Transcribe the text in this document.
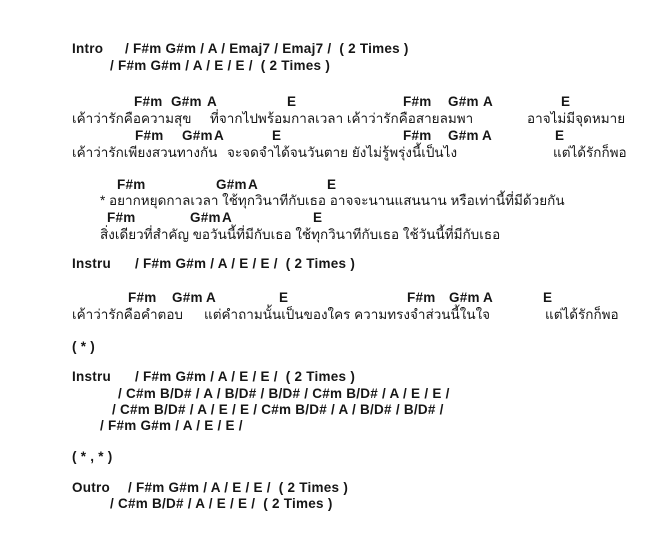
Intro / F#m G#m / A / Emaj7 / Emaj7 /  ( 2 Times )
/ F#m G#m / A / E / E /  ( 2 Times )
F#m G#m A	E	F#m G#m A	E
เค้าว่ารักคือความสุข ที่จากไปพร้อมกาลเวลา เค้าว่ารักคือสายลมพา	อาจไม่มีจุดหมาย
F#m G#m A	E	F#m G#m A	E
เค้าว่ารักเพียงสวนทางกัน จะจดจำได้จนวันตาย ยังไม่รู้พรุ่งนี้เป็นไง	แต่ได้รักก็พอ
F#m	G#m A	E
* อยากหยุดกาลเวลา ใช้ทุกวินาทีกับเธอ อาจจะนานแสนนาน หรือเท่านี้ที่มีด้วยกัน
F#m	G#m A	E
สิ่งเดียวที่สำคัญ ขอวันนี้ที่มีกับเธอ ใช้ทุกวินาทีกับเธอ ใช้วันนี้ที่มีกับเธอ
Instru / F#m G#m / A / E / E /  ( 2 Times )
F#m G#m A	E	F#m G#m A	E
เค้าว่ารักคือคำตอบ แต่คำถามนั้นเป็นของใคร ความทรงจำส่วนนี้ในใจ	แต่ได้รักก็พอ
( * )
Instru / F#m G#m / A / E / E /  ( 2 Times )
/ C#m B/D# / A / B/D# / B/D# / C#m B/D# / A / E / E /
/ C#m B/D# / A / E / E / C#m B/D# / A / B/D# / B/D# /
/ F#m G#m / A / E / E /
( * , * )
Outro / F#m G#m / A / E / E /  ( 2 Times )
/ C#m B/D# / A / E / E /  ( 2 Times )
